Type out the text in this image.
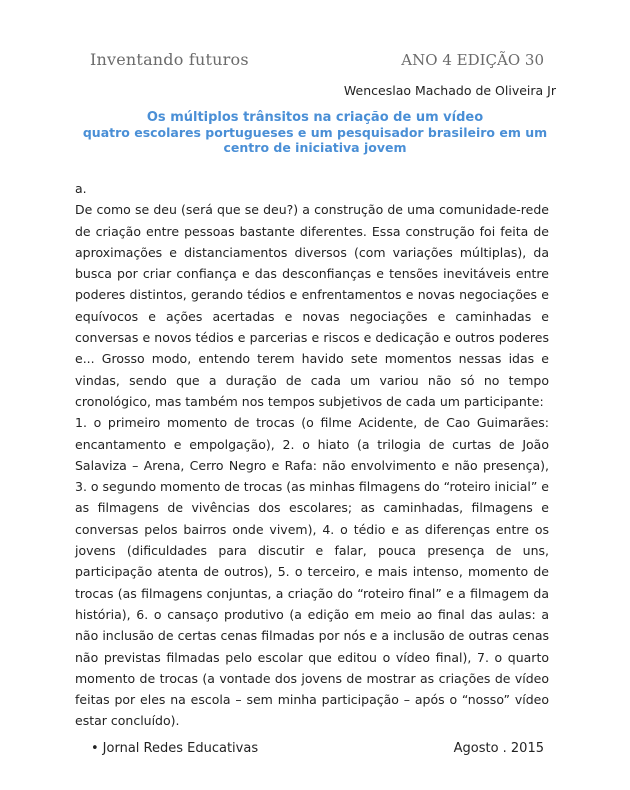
Inventando futuros	ANO 4 EDIÇÃO 30
Wenceslao Machado de Oliveira Jr
Os múltiplos trânsitos na criação de um vídeo
quatro escolares portugueses e um pesquisador brasileiro em um centro de iniciativa jovem

a.

De como se deu (será que se deu?) a construção de uma comunidade-rede de criação entre pessoas bastante diferentes. Essa construção foi feita de aproximações e distanciamentos diversos (com variações múltiplas), da busca por criar confiança e das desconfianças e tensões inevitáveis entre poderes distintos, gerando tédios e enfrentamentos e novas negociações e equívocos e ações acertadas e novas negociações e caminhadas e conversas e novos tédios e parcerias e riscos e dedicação e outros poderes e... Grosso modo, entendo terem havido sete momentos nessas idas e vindas, sendo que a duração de cada um variou não só no tempo cronológico, mas também nos tempos subjetivos de cada um participante:

1. o primeiro momento de trocas (o filme Acidente, de Cao Guimarães: encantamento e empolgação), 2. o hiato (a trilogia de curtas de João Salaviza – Arena, Cerro Negro e Rafa: não envolvimento e não presença), 3. o segundo momento de trocas (as minhas filmagens do “roteiro inicial” e as filmagens de vivências dos escolares; as caminhadas, filmagens e conversas pelos bairros onde vivem), 4. o tédio e as diferenças entre os jovens (dificuldades para discutir e falar, pouca presença de uns, participação atenta de outros), 5. o terceiro, e mais intenso, momento de trocas (as filmagens conjuntas, a criação do “roteiro final” e a filmagem da história), 6. o cansaço produtivo (a edição em meio ao final das aulas: a não inclusão de certas cenas filmadas por nós e a inclusão de outras cenas não previstas filmadas pelo escolar que editou o vídeo final), 7. o quarto momento de trocas (a vontade dos jovens de mostrar as criações de vídeo feitas por eles na escola – sem minha participação – após o “nosso” vídeo estar concluído).

• Jornal Redes Educativas	Agosto . 2015
